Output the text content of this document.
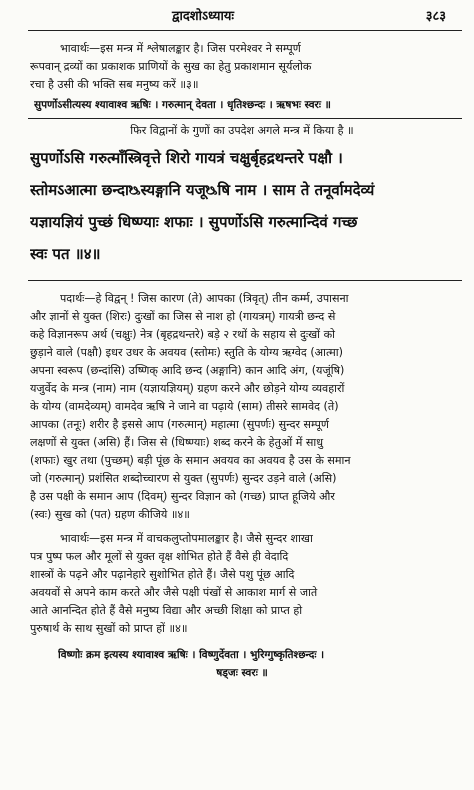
द्वादशोऽध्यायः	३८३
भावार्थः—इस मन्त्र में श्लेषालङ्कार है। जिस परमेश्वर ने सम्पूर्ण
रूपवान् द्रव्यों का प्रकाशक प्राणियों के सुख का हेतु प्रकाशमान सूर्यलोक
रचा है उसी की भक्ति सब मनुष्य करें ॥३॥
सुपर्णोऽसीत्यस्य श्यावाश्व ऋषिः । गरुत्मान् देवता । धृतिश्छन्दः । ऋषभः स्वरः ॥
फिर विद्वानों के गुणों का उपदेश अगले मन्त्र में किया है ॥
सुपर्णोऽसि गरुत्माँस्त्रिवृत्ते शिरो गायत्रं चक्षुर्बृहद्रथन्तरे पक्षौ ।
स्तोमऽआत्मा छन्दाᳬस्यङ्गानि यजूᳬषि नाम । साम ते तनूर्वामदेव्यं
यज्ञायज्ञियं पुच्छं धिष्ण्याः शफाः । सुपर्णोऽसि गरुत्मान्दिवं गच्छ
स्वः पत ॥४॥
पदार्थः—हे विद्वन् ! जिस कारण (ते) आपका (त्रिवृत्) तीन कर्म्म, उपासना
और ज्ञानों से युक्त (शिरः) दुःखों का जिस से नाश हो (गायत्रम्) गायत्री छन्द से
कहे विज्ञानरूप अर्थ (चक्षुः) नेत्र (बृहद्रथन्तरे) बड़े २ रथों के सहाय से दुःखों को
छुड़ाने वाले (पक्षौ) इधर उधर के अवयव (स्तोमः) स्तुति के योग्य ऋग्वेद (आत्मा)
अपना स्वरूप (छन्दांसि) उष्णिक् आदि छन्द (अङ्गानि) कान आदि अंग, (यजूंषि)
यजुर्वेद के मन्त्र (नाम) नाम (यज्ञायज्ञियम्) ग्रहण करने और छोड़ने योग्य व्यवहारों
के योग्य (वामदेव्यम्) वामदेव ऋषि ने जाने वा पढ़ाये (साम) तीसरे सामवेद (ते)
आपका (तनूः) शरीर है इससे आप (गरुत्मान्) महात्मा (सुपर्णः) सुन्दर सम्पूर्ण
लक्षणों से युक्त (असि) हैं। जिस से (धिष्ण्याः) शब्द करने के हेतुओं में साधु
(शफाः) खुर तथा (पुच्छम्) बड़ी पूंछ के समान अवयव का अवयव है उस के समान
जो (गरुत्मान्) प्रशंसित शब्दोच्चारण से युक्त (सुपर्णः) सुन्दर उड़ने वाले (असि)
है उस पक्षी के समान आप (दिवम्) सुन्दर विज्ञान को (गच्छ) प्राप्त हूजिये और
(स्वः) सुख को (पत) ग्रहण कीजिये ॥४॥
भावार्थः—इस मन्त्र में वाचकलुप्तोपमालङ्कार है। जैसे सुन्दर शाखा
पत्र पुष्प फल और मूलों से युक्त वृक्ष शोभित होते हैं वैसे ही वेदादि
शास्त्रों के पढ़ने और पढ़ानेहारे सुशोभित होते हैं। जैसे पशु पूंछ आदि
अवयवों से अपने काम करते और जैसे पक्षी पंखों से आकाश मार्ग से जाते
आते आनन्दित होते हैं वैसे मनुष्य विद्या और अच्छी शिक्षा को प्राप्त हो
पुरुषार्थ के साथ सुखों को प्राप्त हों ॥४॥
विष्णोः क्रम इत्यस्य श्यावाश्व ऋषिः । विष्णुर्देवता । भुरिग्गुष्कृतिश्छन्दः ।
षड्जः स्वरः ॥
